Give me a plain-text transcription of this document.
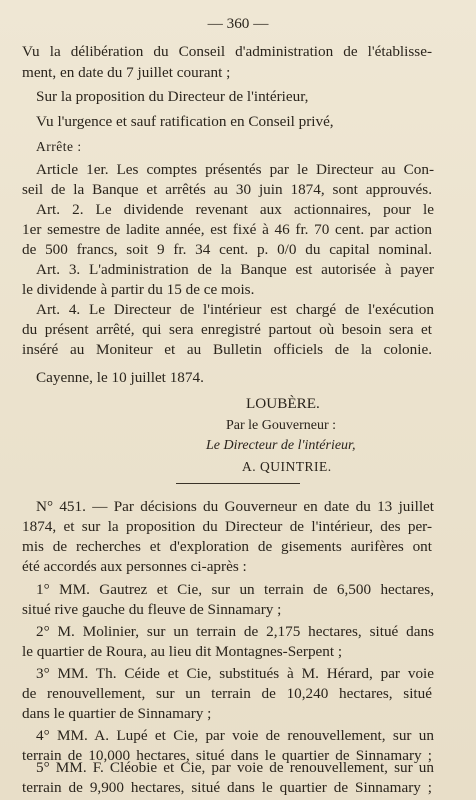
— 360 —
Vu la délibération du Conseil d'administration de l'établisse-
ment, en date du 7 juillet courant ;
Sur la proposition du Directeur de l'intérieur,
Vu l'urgence et sauf ratification en Conseil privé,
Arrête :
Article 1er. Les comptes présentés par le Directeur au Con-
seil de la Banque et arrêtés au 30 juin 1874, sont approuvés.
Art. 2. Le dividende revenant aux actionnaires, pour le
1er semestre de ladite année, est fixé à 46 fr. 70 cent. par action
de 500 francs, soit 9 fr. 34 cent. p. 0/0 du capital nominal.
Art. 3. L'administration de la Banque est autorisée à payer
le dividende à partir du 15 de ce mois.
Art. 4. Le Directeur de l'intérieur est chargé de l'exécution
du présent arrêté, qui sera enregistré partout où besoin sera et
inséré au Moniteur et au Bulletin officiels de la colonie.
Cayenne, le 10 juillet 1874.
LOUBÈRE.
Par le Gouverneur :
Le Directeur de l'intérieur,
A. QUINTRIE.
N° 451. — Par décisions du Gouverneur en date du 13 juillet
1874, et sur la proposition du Directeur de l'intérieur, des per-
mis de recherches et d'exploration de gisements aurifères ont
été accordés aux personnes ci-après :
1° MM. Gautrez et Cie, sur un terrain de 6,500 hectares,
situé rive gauche du fleuve de Sinnamary ;
2° M. Molinier, sur un terrain de 2,175 hectares, situé dans
le quartier de Roura, au lieu dit Montagnes-Serpent ;
3° MM. Th. Céide et Cie, substitués à M. Hérard, par voie
de renouvellement, sur un terrain de 10,240 hectares, situé
dans le quartier de Sinnamary ;
4° MM. A. Lupé et Cie, par voie de renouvellement, sur un
terrain de 10,000 hectares, situé dans le quartier de Sinnamary ;
5° MM. F. Cléobie et Cie, par voie de renouvellement, sur un
terrain de 9,900 hectares, situé dans le quartier de Sinnamary ;
